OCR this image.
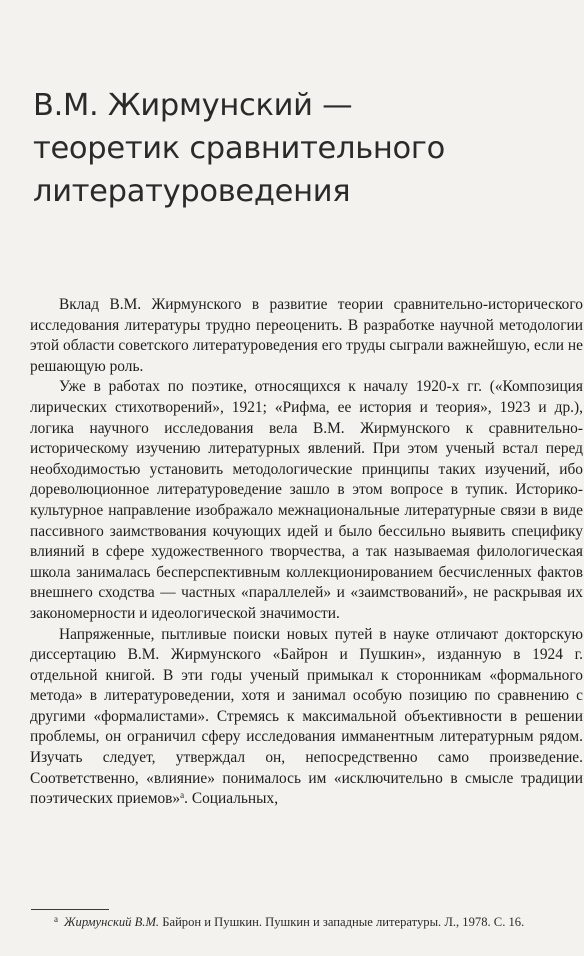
В.М. Жирмунский —
теоретик сравнительного
литературоведения

Вклад В.М. Жирмунского в развитие теории сравнительно-исторического исследования литературы трудно переоценить. В разработке научной методологии этой области советского литературоведения его труды сыграли важнейшую, если не решающую роль.

Уже в работах по поэтике, относящихся к началу 1920-х гг. («Композиция лирических стихотворений», 1921; «Рифма, ее история и теория», 1923 и др.), логика научного исследования вела В.М. Жирмунского к сравнительно-историческому изучению литературных явлений. При этом ученый встал перед необходимостью установить методологические принципы таких изучений, ибо дореволюционное литературоведение зашло в этом вопросе в тупик. Историко-культурное направление изображало межнациональные литературные связи в виде пассивного заимствования кочующих идей и было бессильно выявить специфику влияний в сфере художественного творчества, а так называемая филологическая школа занималась бесперспективным коллекционированием бесчисленных фактов внешнего сходства — частных «параллелей» и «заимствований», не раскрывая их закономерности и идеологической значимости.

Напряженные, пытливые поиски новых путей в науке отличают докторскую диссертацию В.М. Жирмунского «Байрон и Пушкин», изданную в 1924 г. отдельной книгой. В эти годы ученый примыкал к сторонникам «формального метода» в литературоведении, хотя и занимал особую позицию по сравнению с другими «формалистами». Стремясь к максимальной объективности в решении проблемы, он ограничил сферу исследования имманентным литературным рядом. Изучать следует, утверждал он, непосредственно само произведение. Соответственно, «влияние» понималось им «исключительно в смысле традиции поэтических приемов»$^а$. Социальных,

$^а$ Жирмунский В.М. Байрон и Пушкин. Пушкин и западные литературы. Л., 1978. С. 16.
